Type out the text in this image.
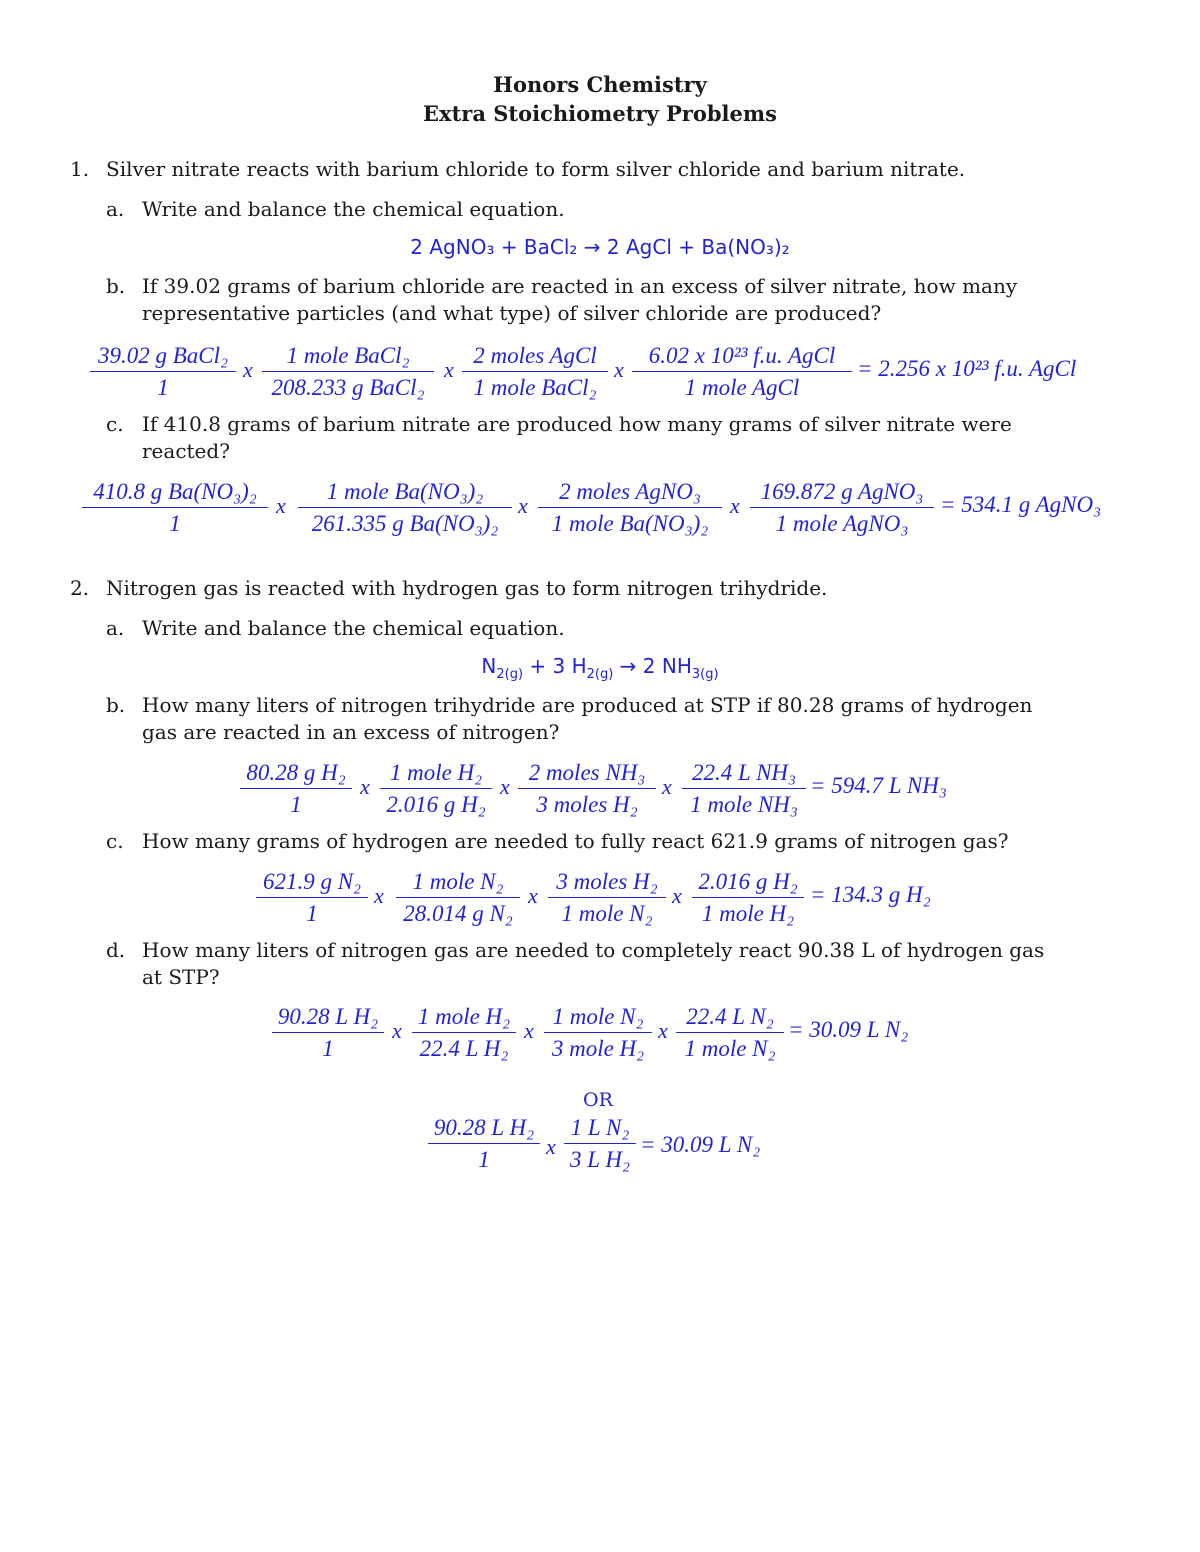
Honors Chemistry
Extra Stoichiometry Problems
1. Silver nitrate reacts with barium chloride to form silver chloride and barium nitrate.
a. Write and balance the chemical equation.
2 AgNO₃ + BaCl₂ → 2 AgCl + Ba(NO₃)₂
b. If 39.02 grams of barium chloride are reacted in an excess of silver nitrate, how many
representative particles (and what type) of silver chloride are produced?
39.02 g BaCl₂
1
x
1 mole BaCl₂
208.233 g BaCl₂
x
2 moles AgCl
1 mole BaCl₂
x
6.02 x 10²³ f.u. AgCl
1 mole AgCl
= 2.256 x 10²³ f.u. AgCl
c. If 410.8 grams of barium nitrate are produced how many grams of silver nitrate were
reacted?
$\frac{\text{410.8 g Ba(NO₃)₂}}{1}$ x
1 mole Ba(NO₃)₂
261.335 g Ba(NO₃)₂
x
2 moles AgNO₃
1 mole Ba(NO₃)₂
x
169.872 g AgNO₃
1 mole AgNO₃
= 534.1 g AgNO₃
2. Nitrogen gas is reacted with hydrogen gas to form nitrogen trihydride.
a. Write and balance the chemical equation.
$N_{2(g)} + 3$ $H_{2(g)} \to 2$ $NH_{3(g)}$
b. How many liters of nitrogen trihydride are produced at STP if 80.28 grams of hydrogen
gas are reacted in an excess of nitrogen?
$\frac{\text{80.28 g H₂}}{1}$ x
1 mole H₂
2.016 g H₂
x
2 moles NH₃
3 moles H₂
x
22.4 L NH₃
1 mole NH₃
= 594.7 L NH₃
c. How many grams of hydrogen are needed to fully react 621.9 grams of nitrogen gas?
$\frac{\text{621.9 g N₂}}{1}$ x
1 mole N₂
28.014 g N₂
x
3 moles H₂
1 mole N₂
x
2.016 g H₂
1 mole H₂
= 134.3 g H₂
d. How many liters of nitrogen gas are needed to completely react 90.38 L of hydrogen gas
at STP?
$\frac{\text{90.28 L H₂}}{1}$ x
1 mole H₂
22.4 L H₂
x
1 mole N₂
3 mole H₂
x
22.4 L N₂
1 mole N₂
= 30.09 L N₂
OR
$\frac{\text{90.28 L H₂}}{1}$ x $\frac{\text{1 L N₂}}{\text{3 L H₂}} = 30.09$ L N₂
